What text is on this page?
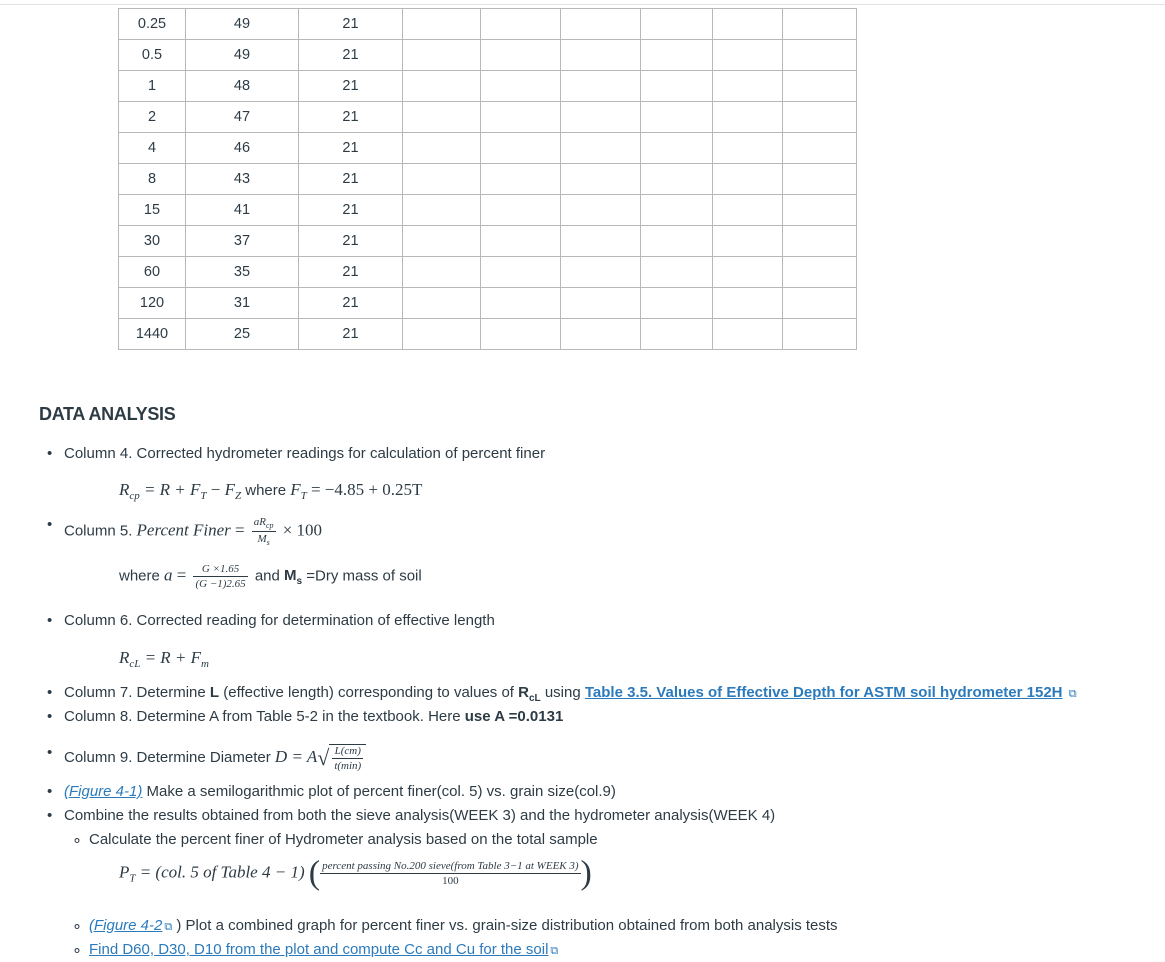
0.25	49	21						
0.5	49	21						
1	48	21						
2	47	21						
4	46	21						
8	43	21						
15	41	21						
30	37	21						
60	35	21						
120	31	21						
1440	25	21						
DATA ANALYSIS
• Column 4. Corrected hydrometer readings for calculation of percent finer
$R_{cp} = R + F_T - F_Z$ where $F_T = -4.85 + 0.25T$
• Column 5. Percent Finer = $\frac{aR_{cp}}{M_s} \times 100$
where $a = \frac{G \times 1.65}{(G -1)2.65}$ and $M_s =Dry$ mass of soil
• Column 6. Corrected reading for determination of effective length
$R_{cL} = R + F_m$
• Column 7. Determine L (effective length) corresponding to values of $R_{cL}$ using Table 3.5. Values of Effective Depth for ASTM soil hydrometer 152H ⧉
• Column 8. Determine A from Table 5-2 in the textbook. Here use A =0.0131
• Column 9. Determine Diameter $D = A√ \frac{L(cm)}{t(\min)}$
• (Figure 4-1) Make a semilogarithmic plot of percent finer(col. 5) vs. grain size(col.9)
• Combine the results obtained from both the sieve analysis(WEEK 3) and the hydrometer analysis(WEEK 4)
∘ Calculate the percent finer of Hydrometer analysis based on the total sample
$P_T = (col$. 5 of Table 4 − 1) ( $\frac{\text{percent passing No.200 sieve(from Table 3−1 at WEEK 3)}}{100}$ )
∘ (Figure 4-2 ⧉ ) Plot a combined graph for percent finer vs. grain-size distribution obtained from both analysis tests
∘ Find D60, D30, D10 from the plot and compute Cc and Cu for the soil ⧉
